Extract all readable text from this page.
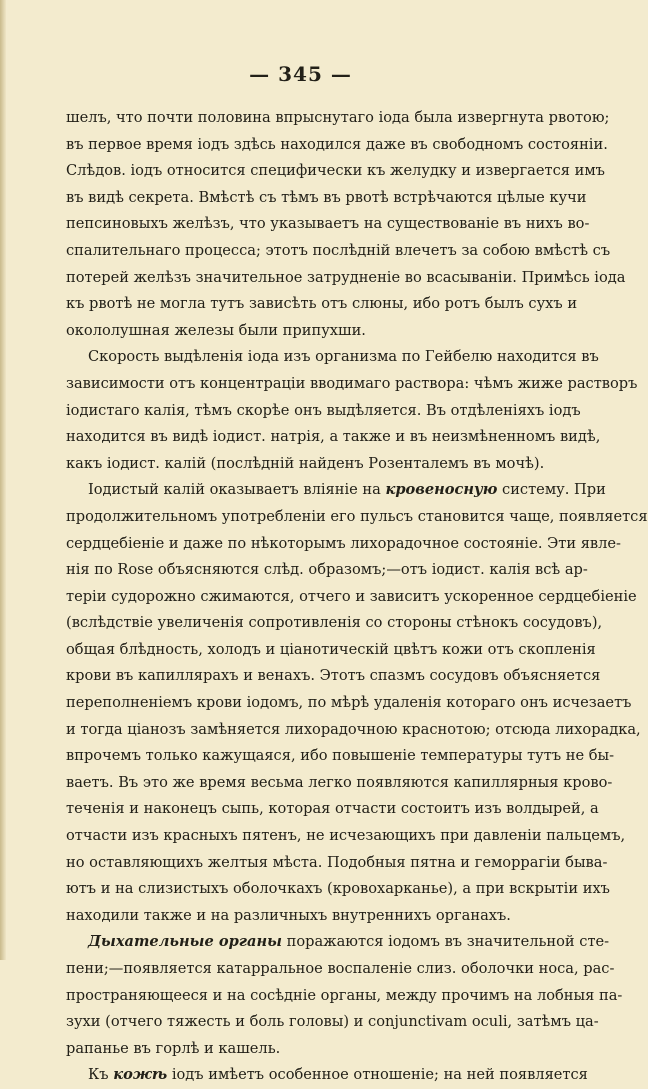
— 345 —
шелъ, что почти половина впрыснутаго іода была извергнута рвотою;
въ первое время іодъ здѣсь находился даже въ свободномъ состояніи.
Слѣдов. іодъ относится специфически къ желудку и извергается имъ
въ видѣ секрета. Вмѣстѣ съ тѣмъ въ рвотѣ встрѣчаются цѣлые кучи
пепсиновыхъ желѣзъ, что указываетъ на существованіе въ нихъ во-
спалительнаго процесса; этотъ послѣдній влечетъ за собою вмѣстѣ съ
потерей желѣзъ значительное затрудненіе во всасываніи. Примѣсь іода
къ рвотѣ не могла тутъ зависѣть отъ слюны, ибо ротъ былъ сухъ и
окололушная железы были припухши.
Скорость выдѣленія іода изъ организма по Гейбелю находится въ
зависимости отъ концентраціи вводимаго раствора: чѣмъ жиже растворъ
іодистаго калія, тѣмъ скорѣе онъ выдѣляется. Въ отдѣленіяхъ іодъ
находится въ видѣ іодист. натрія, а также и въ неизмѣненномъ видѣ,
какъ іодист. калій (послѣдній найденъ Розенталемъ въ мочѣ).
Іодистый калій оказываетъ вліяніе на кровеносную систему. При
продолжительномъ употребленіи его пульсъ становится чаще, появляется
сердцебіеніе и даже по нѣкоторымъ лихорадочное состояніе. Эти явле-
нія по Rose объясняются слѣд. образомъ;—отъ іодист. калія всѣ ар-
теріи судорожно сжимаются, отчего и зависитъ ускоренное сердцебіеніе
(вслѣдствіе увеличенія сопротивленія со стороны стѣнокъ сосудовъ),
общая блѣдность, холодъ и ціанотическій цвѣтъ кожи отъ скопленія
крови въ капиллярахъ и венахъ. Этотъ спазмъ сосудовъ объясняется
переполненіемъ крови іодомъ, по мѣрѣ удаленія котораго онъ исчезаетъ
и тогда ціанозъ замѣняется лихорадочною краснотою; отсюда лихорадка,
впрочемъ только кажущаяся, ибо повышеніе температуры тутъ не бы-
ваетъ. Въ это же время весьма легко появляются капиллярныя крово-
теченія и наконецъ сыпь, которая отчасти состоитъ изъ волдырей, а
отчасти изъ красныхъ пятенъ, не исчезающихъ при давленіи пальцемъ,
но оставляющихъ желтыя мѣста. Подобныя пятна и геморрагіи быва-
ютъ и на слизистыхъ оболочкахъ (кровохарканье), а при вскрытіи ихъ
находили также и на различныхъ внутреннихъ органахъ.
Дыхательные органы поражаются іодомъ въ значительной сте-
пени;—появляется катарральное воспаленіе слиз. оболочки носа, рас-
пространяющееся и на сосѣдніе органы, между прочимъ на лобныя па-
зухи (отчего тяжесть и боль головы) и conjunctivam oculi, затѣмъ ца-
рапанье въ горлѣ и кашель.
Къ кожѣ іодъ имѣетъ особенное отношеніе; на ней появляется
